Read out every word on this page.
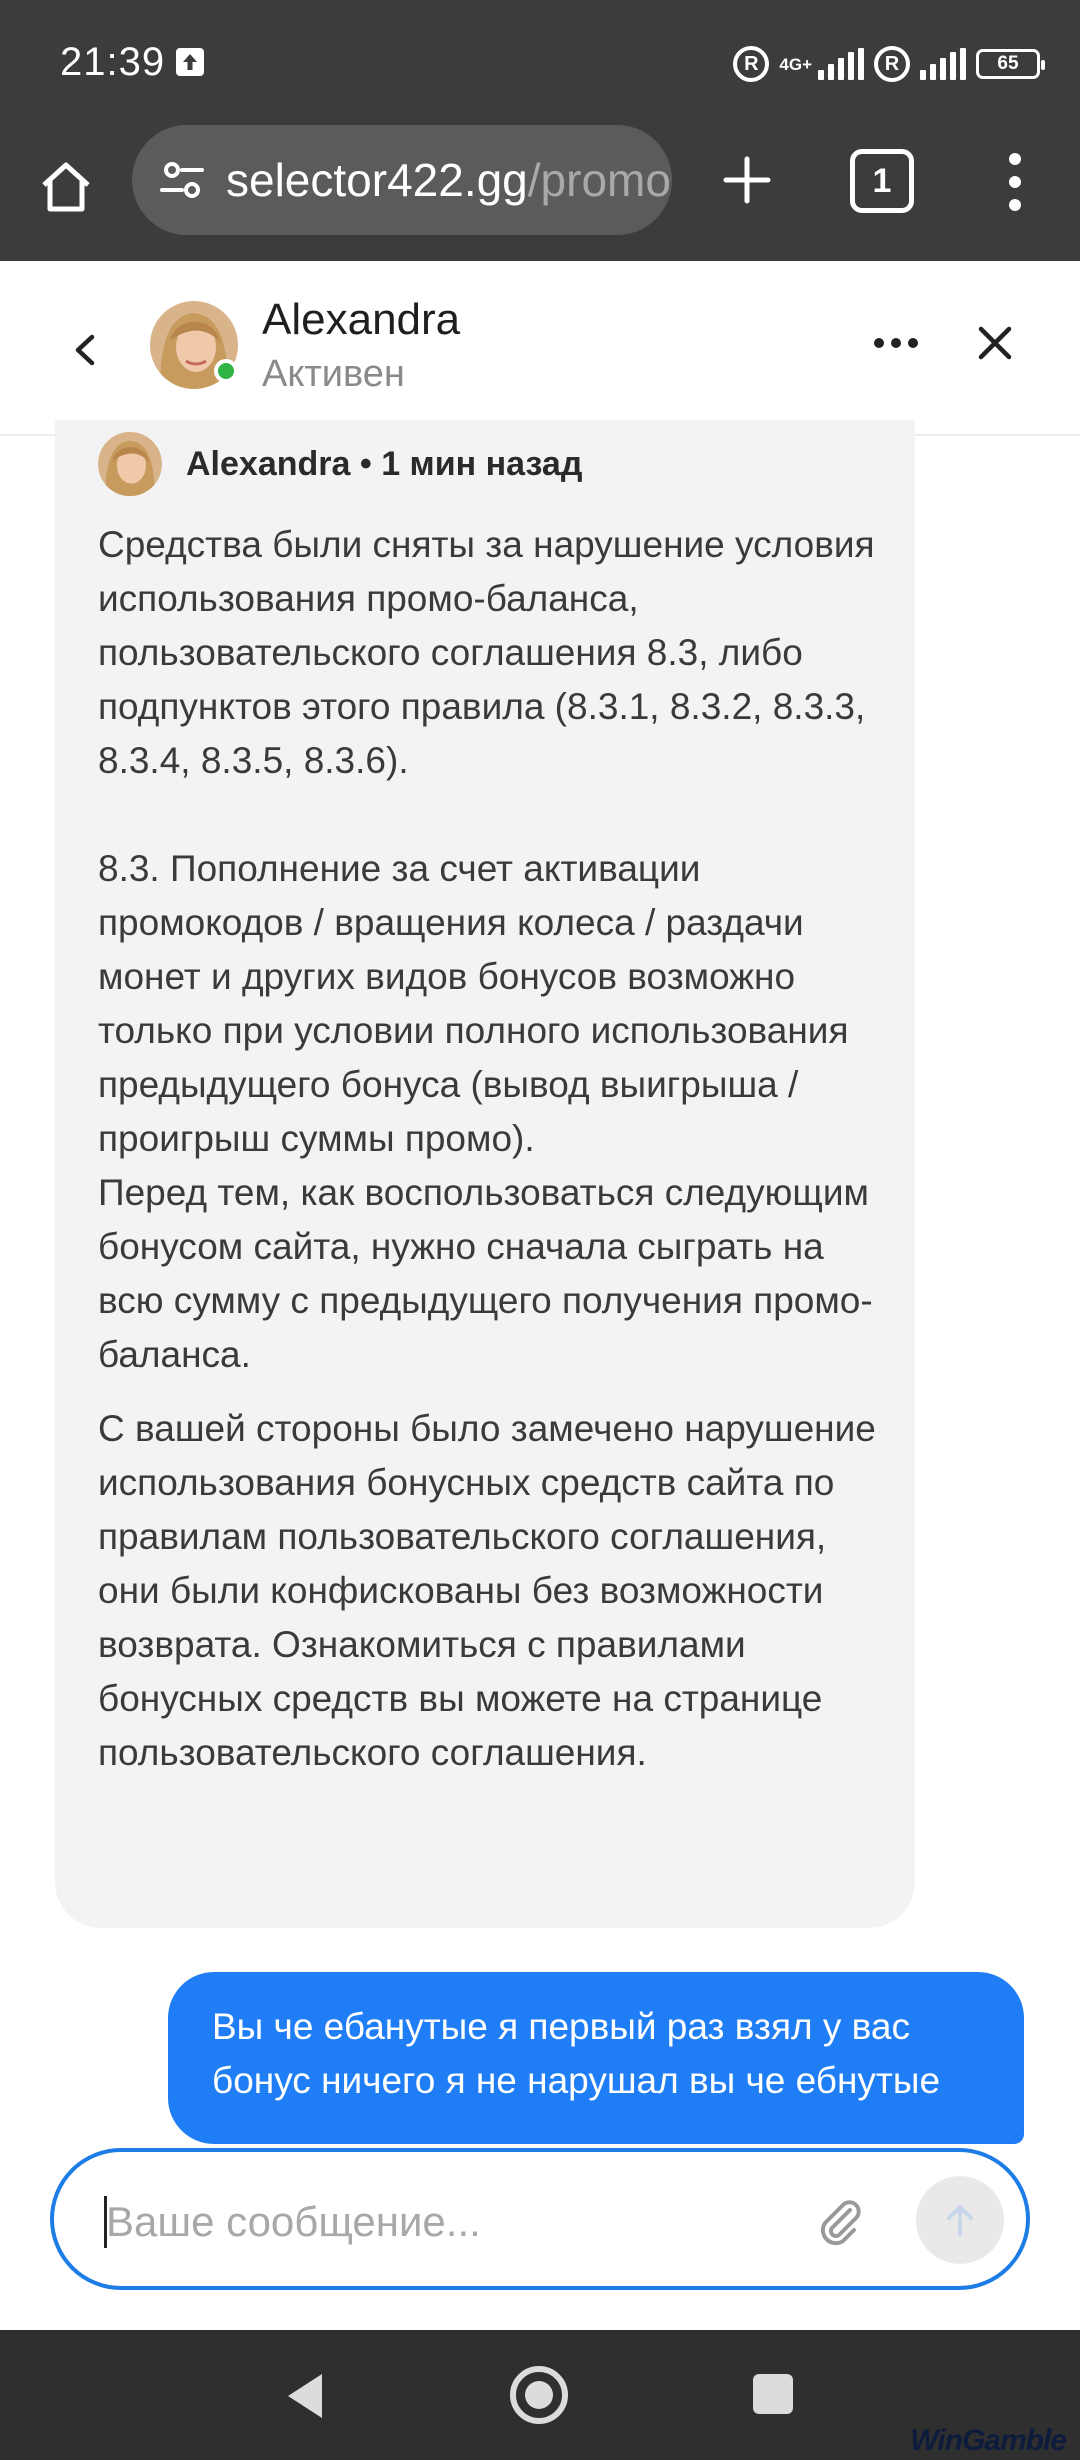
21:39	R	4G+	R	65
selector422.gg/promo	1
Alexandra
Активен
Alexandra • 1 мин назад

Средства были сняты за нарушение условия использования промо-баланса, пользовательского соглашения 8.3, либо подпунктов этого правила (8.3.1, 8.3.2, 8.3.3, 8.3.4, 8.3.5, 8.3.6).

8.3. Пополнение за счет активации промокодов / вращения колеса / раздачи монет и других видов бонусов возможно только при условии полного использования предыдущего бонуса (вывод выигрыша / проигрыш суммы промо).

Перед тем, как воспользоваться следующим бонусом сайта, нужно сначала сыграть на всю сумму с предыдущего получения промо-баланса.

С вашей стороны было замечено нарушение использования бонусных средств сайта по правилам пользовательского соглашения, они были конфискованы без возможности возврата. Ознакомиться с правилами бонусных средств вы можете на странице пользовательского соглашения.

Вы че ебанутые я первый раз взял у вас бонус ничего я не нарушал вы че ебнутые
Ваше сообщение...
WinGamble
